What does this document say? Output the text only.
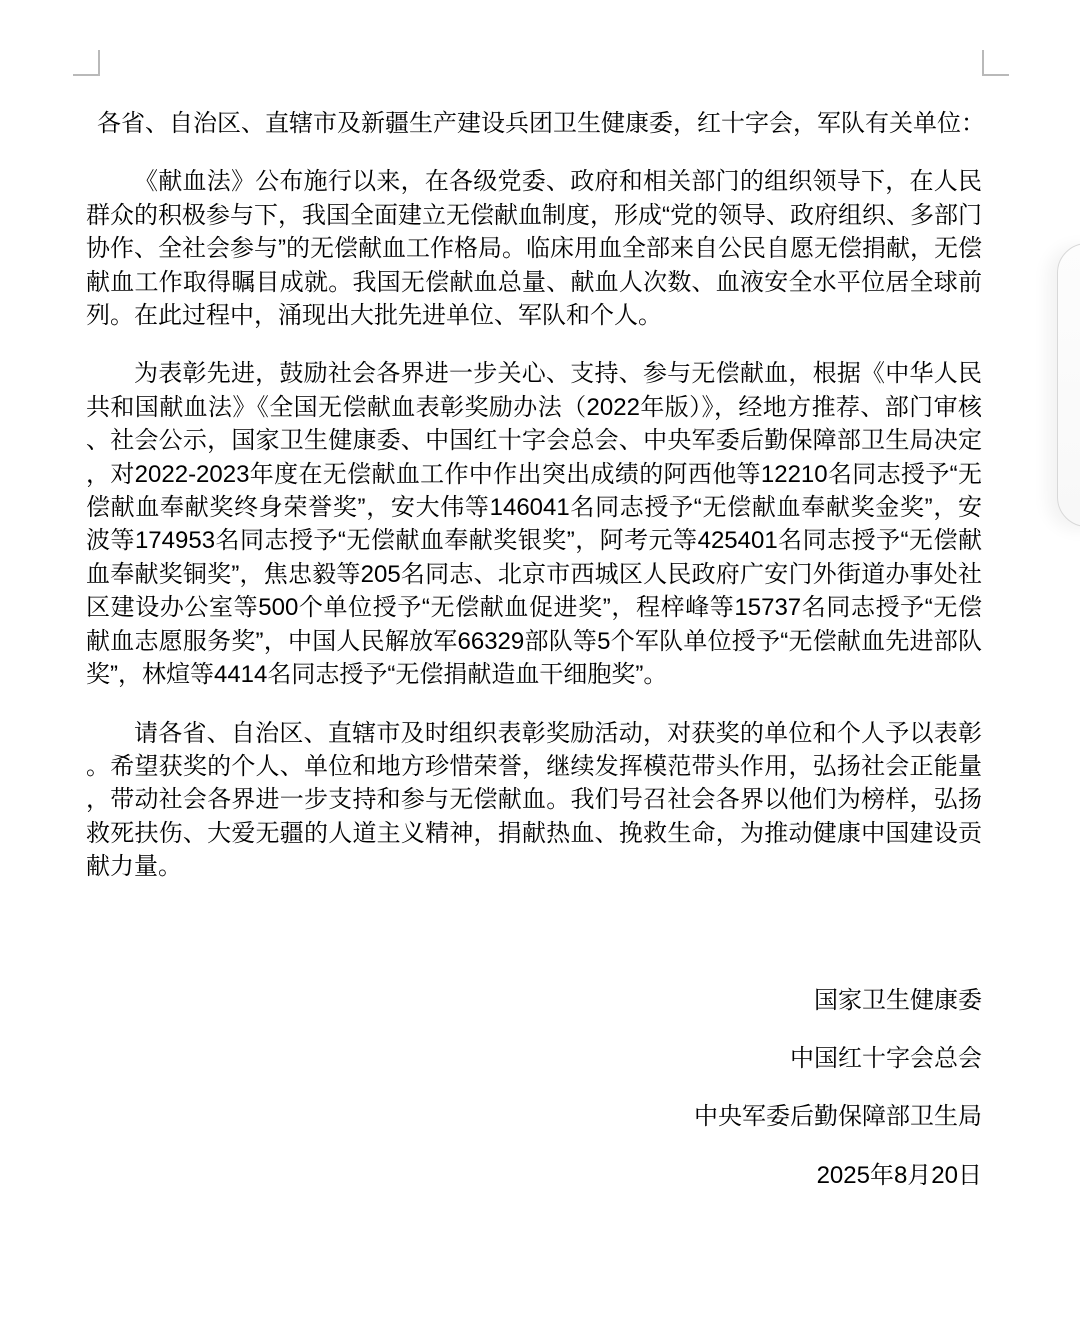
各省、自治区、直辖市及新疆生产建设兵团卫生健康委，红十字会，军队有关单位：

《献血法》公布施行以来，在各级党委、政府和相关部门的组织领导下，在人民群众的积极参与下，我国全面建立无偿献血制度，形成“党的领导、政府组织、多部门协作、全社会参与”的无偿献血工作格局。临床用血全部来自公民自愿无偿捐献，无偿献血工作取得瞩目成就。我国无偿献血总量、献血人次数、血液安全水平位居全球前列。在此过程中，涌现出大批先进单位、军队和个人。

为表彰先进，鼓励社会各界进一步关心、支持、参与无偿献血，根据《中华人民共和国献血法》《全国无偿献血表彰奖励办法（2022年版）》，经地方推荐、部门审核、社会公示，国家卫生健康委、中国红十字会总会、中央军委后勤保障部卫生局决定，对2022-2023年度在无偿献血工作中作出突出成绩的阿西他等12210名同志授予“无偿献血奉献奖终身荣誉奖”，安大伟等146041名同志授予“无偿献血奉献奖金奖”，安波等174953名同志授予“无偿献血奉献奖银奖”，阿考元等425401名同志授予“无偿献血奉献奖铜奖”，焦忠毅等205名同志、北京市西城区人民政府广安门外街道办事处社区建设办公室等500个单位授予“无偿献血促进奖”，程梓峰等15737名同志授予“无偿献血志愿服务奖”，中国人民解放军66329部队等5个军队单位授予“无偿献血先进部队奖”，林煊等4414名同志授予“无偿捐献造血干细胞奖”。

请各省、自治区、直辖市及时组织表彰奖励活动，对获奖的单位和个人予以表彰。希望获奖的个人、单位和地方珍惜荣誉，继续发挥模范带头作用，弘扬社会正能量，带动社会各界进一步支持和参与无偿献血。我们号召社会各界以他们为榜样，弘扬救死扶伤、大爱无疆的人道主义精神，捐献热血、挽救生命，为推动健康中国建设贡献力量。

国家卫生健康委

中国红十字会总会

中央军委后勤保障部卫生局

2025年8月20日
